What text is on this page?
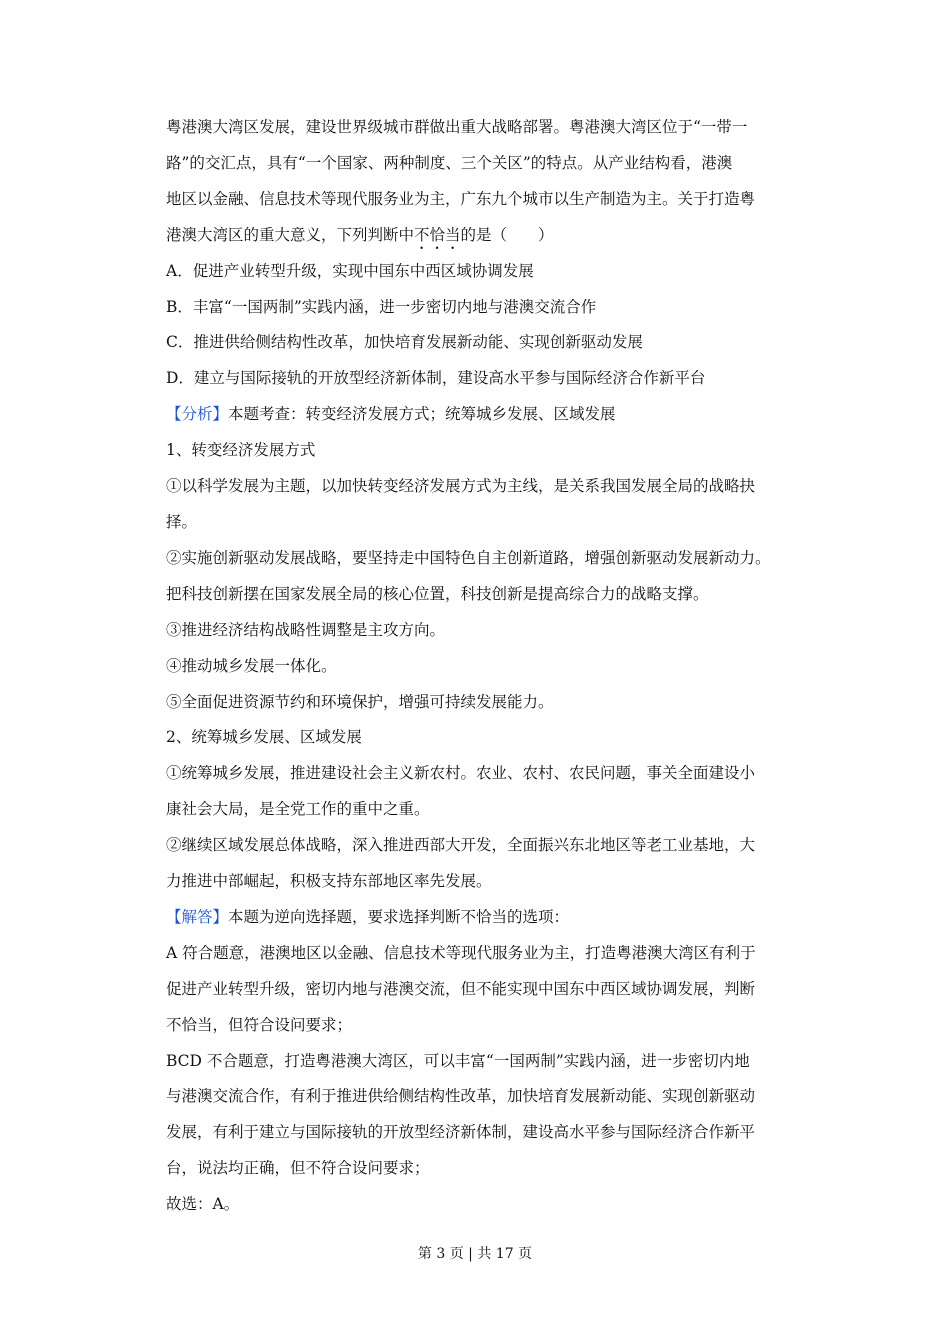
粤港澳大湾区发展，建设世界级城市群做出重大战略部署。粤港澳大湾区位于“一带一
路”的交汇点，具有“一个国家、两种制度、三个关区”的特点。从产业结构看，港澳
地区以金融、信息技术等现代服务业为主，广东九个城市以生产制造为主。关于打造粤
港澳大湾区的重大意义，下列判断中不恰当的是（　　）
A．促进产业转型升级，实现中国东中西区域协调发展
B．丰富“一国两制”实践内涵，进一步密切内地与港澳交流合作
C．推进供给侧结构性改革，加快培育发展新动能、实现创新驱动发展
D．建立与国际接轨的开放型经济新体制，建设高水平参与国际经济合作新平台
【分析】本题考查：转变经济发展方式；统筹城乡发展、区域发展
1、转变经济发展方式
①以科学发展为主题，以加快转变经济发展方式为主线，是关系我国发展全局的战略抉
择。
②实施创新驱动发展战略，要坚持走中国特色自主创新道路，增强创新驱动发展新动力。
把科技创新摆在国家发展全局的核心位置，科技创新是提高综合力的战略支撑。
③推进经济结构战略性调整是主攻方向。
④推动城乡发展一体化。
⑤全面促进资源节约和环境保护，增强可持续发展能力。
2、统筹城乡发展、区域发展
①统筹城乡发展，推进建设社会主义新农村。农业、农村、农民问题，事关全面建设小
康社会大局，是全党工作的重中之重。
②继续区域发展总体战略，深入推进西部大开发，全面振兴东北地区等老工业基地，大
力推进中部崛起，积极支持东部地区率先发展。
【解答】本题为逆向选择题，要求选择判断不恰当的选项：
A 符合题意，港澳地区以金融、信息技术等现代服务业为主，打造粤港澳大湾区有利于
促进产业转型升级，密切内地与港澳交流，但不能实现中国东中西区域协调发展，判断
不恰当，但符合设问要求；
BCD 不合题意，打造粤港澳大湾区，可以丰富“一国两制”实践内涵，进一步密切内地
与港澳交流合作，有利于推进供给侧结构性改革，加快培育发展新动能、实现创新驱动
发展，有利于建立与国际接轨的开放型经济新体制，建设高水平参与国际经济合作新平
台，说法均正确，但不符合设问要求；
故选：A。
第 3 页 | 共 17 页
